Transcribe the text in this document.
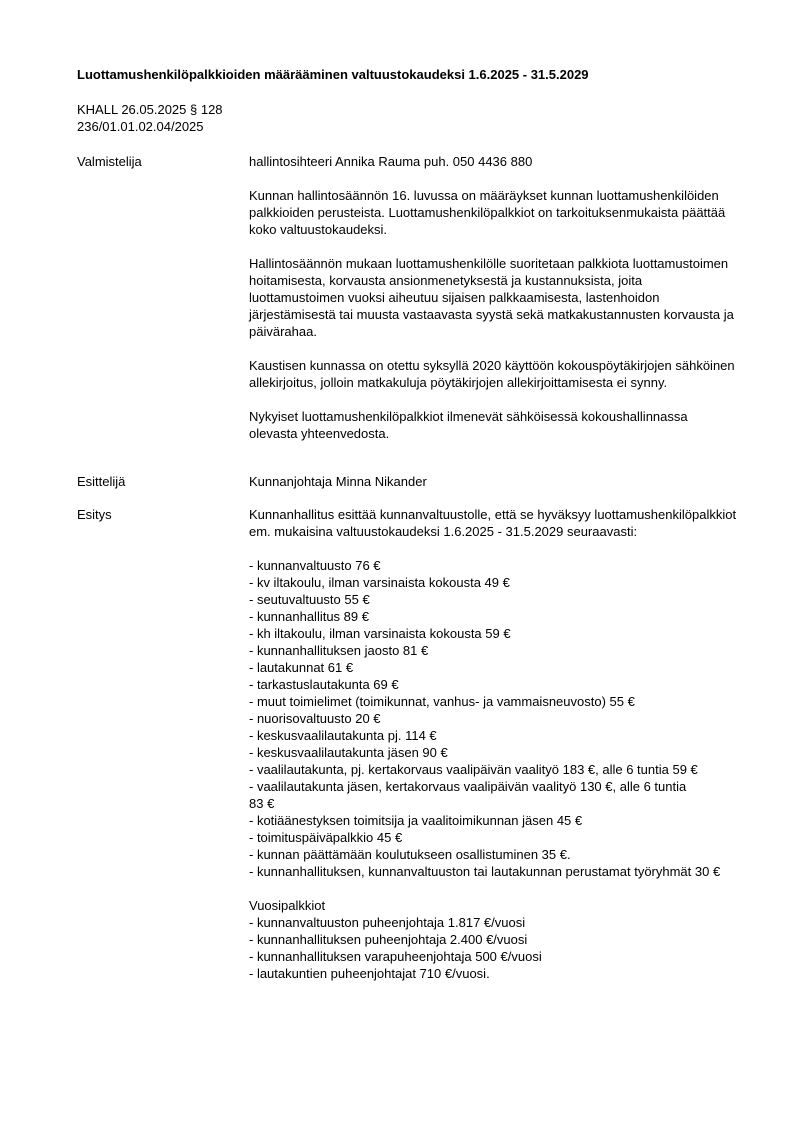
Luottamushenkilöpalkkioiden määrääminen valtuustokaudeksi 1.6.2025 - 31.5.2029
KHALL 26.05.2025 § 128
236/01.01.02.04/2025
Valmistelija	hallintosihteeri Annika Rauma puh. 050 4436 880

Kunnan hallintosäännön 16. luvussa on määräykset kunnan luottamushenkilöiden palkkioiden perusteista. Luottamushenkilöpalkkiot on tarkoituksenmukaista päättää koko valtuustokaudeksi.

Hallintosäännön mukaan luottamushenkilölle suoritetaan palkkiota luottamustoimen hoitamisesta, korvausta ansionmenetyksestä ja kustannuksista, joita luottamustoimen vuoksi aiheutuu sijaisen palkkaamisesta, lastenhoidon järjestämisestä tai muusta vastaavasta syystä sekä matkakustannusten korvausta ja päivärahaa.

Kaustisen kunnassa on otettu syksyllä 2020 käyttöön kokouspöytäkirjojen sähköinen allekirjoitus, jolloin matkakuluja pöytäkirjojen allekirjoittamisesta ei synny.

Nykyiset luottamushenkilöpalkkiot ilmenevät sähköisessä kokoushallinnassa olevasta yhteenvedosta.

Esittelijä	Kunnanjohtaja Minna Nikander
Esitys	Kunnanhallitus esittää kunnanvaltuustolle, että se hyväksyy luottamushenkilöpalkkiot em. mukaisina valtuustokaudeksi 1.6.2025 - 31.5.2029 seuraavasti:

- kunnanvaltuusto 76 €
- kv iltakoulu, ilman varsinaista kokousta 49 €
- seutuvaltuusto 55 €
- kunnanhallitus 89 €
- kh iltakoulu, ilman varsinaista kokousta 59 €
- kunnanhallituksen jaosto 81 €
- lautakunnat 61 €
- tarkastuslautakunta 69 €
- muut toimielimet (toimikunnat, vanhus- ja vammaisneuvosto) 55 €
- nuorisovaltuusto 20 €
- keskusvaalilautakunta pj. 114 €
- keskusvaalilautakunta jäsen 90 €
- vaalilautakunta, pj. kertakorvaus vaalipäivän vaalityö 183 €, alle 6 tuntia 59 €
- vaalilautakunta jäsen, kertakorvaus vaalipäivän vaalityö 130 €, alle 6 tuntia            83 €
- kotiäänestyksen toimitsija ja vaalitoimikunnan jäsen 45 €
- toimituspäiväpalkkio 45 €
- kunnan päättämään koulutukseen osallistuminen 35 €.
- kunnanhallituksen, kunnanvaltuuston tai lautakunnan perustamat työryhmät 30 €
Vuosipalkkiot
- kunnanvaltuuston puheenjohtaja 1.817 €/vuosi
- kunnanhallituksen puheenjohtaja 2.400 €/vuosi
- kunnanhallituksen varapuheenjohtaja 500 €/vuosi
- lautakuntien puheenjohtajat 710 €/vuosi.
